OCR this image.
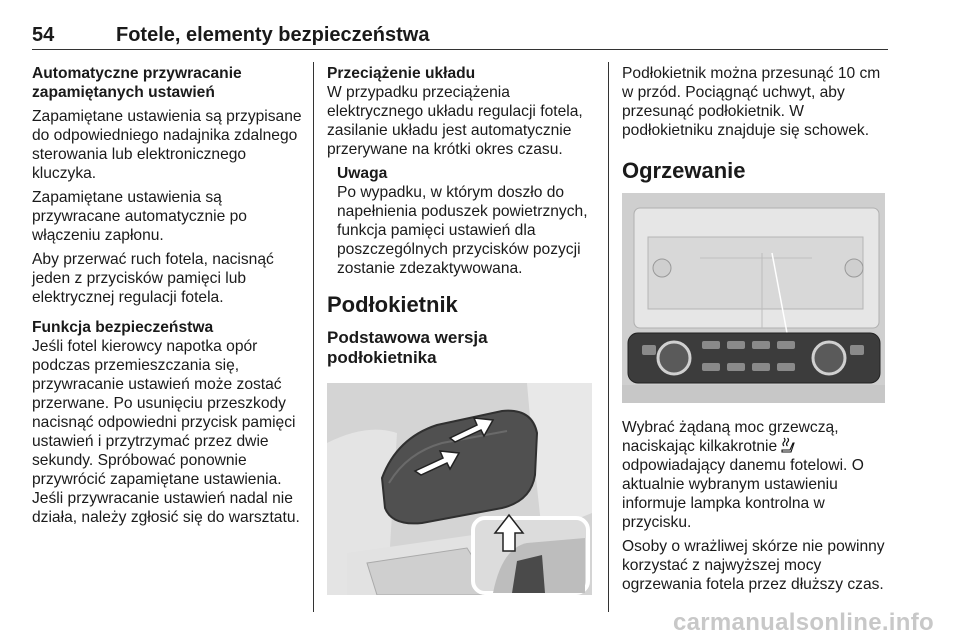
54	Fotele, elementy bezpieczeństwa

Automatyczne przywracanie zapamiętanych ustawień

Zapamiętane ustawienia są przypisane do odpowiedniego nadajnika zdalnego sterowania lub elektronicznego kluczyka.

Zapamiętane ustawienia są przywracane automatycznie po włączeniu zapłonu.

Aby przerwać ruch fotela, nacisnąć jeden z przycisków pamięci lub elektrycznej regulacji fotela.

Funkcja bezpieczeństwa

Jeśli fotel kierowcy napotka opór podczas przemieszczania się, przywracanie ustawień może zostać przerwane. Po usunięciu przeszkody nacisnąć odpowiedni przycisk pamięci ustawień i przytrzymać przez dwie sekundy. Spróbować ponownie przywrócić zapamiętane ustawienia. Jeśli przywracanie ustawień nadal nie działa, należy zgłosić się do warsztatu.

Przeciążenie układu

W przypadku przeciążenia elektrycznego układu regulacji fotela, zasilanie układu jest automatycznie przerywane na krótki okres czasu.

Uwaga

Po wypadku, w którym doszło do napełnienia poduszek powietrznych, funkcja pamięci ustawień dla poszczególnych przycisków pozycji zostanie zdezaktywowana.

Podłokietnik
Podstawowa wersja podłokietnika

Podłokietnik można przesunąć 10 cm w przód. Pociągnąć uchwyt, aby przesunąć podłokietnik. W podłokietniku znajduje się schowek.

Ogrzewanie

Wybrać żądaną moc grzewczą, naciskając kilkakrotnie  odpowiadający danemu fotelowi. O aktualnie wybranym ustawieniu informuje lampka kontrolna w przycisku.

Osoby o wrażliwej skórze nie powinny korzystać z najwyższej mocy ogrzewania fotela przez dłuższy czas.

carmanualsonline.info
